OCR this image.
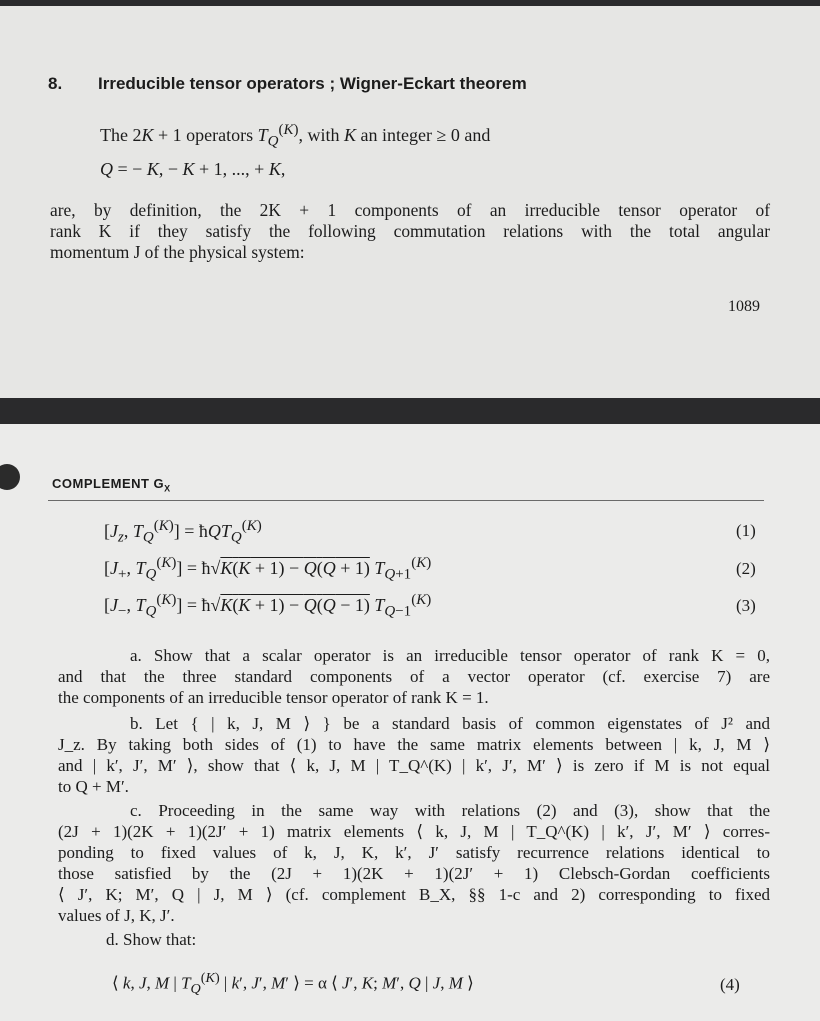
8. Irreducible tensor operators ; Wigner-Eckart theorem
The 2K + 1 operators $T_Q^{(K)}$, with K an integer ≥ 0 and
Q = − K, − K + 1, ..., + K,
are, by definition, the 2K + 1 components of an irreducible tensor operator of
rank K if they satisfy the following commutation relations with the total angular
momentum J of the physical system:
1089
COMPLEMENT $G_X$
[$J_z$, $T_Q^{(K)}$] = ħQT$_Q^{(K)}$	(1)
[$J_+$, $T_Q^{(K)}$] = ħ√K(K + 1) − Q(Q + 1) $T_{Q+1}^{(K)}$	(2)
[$J_-$, $T_Q^{(K)}$] = ħ√K(K + 1) − Q(Q − 1) $T_{Q-1}^{(K)}$	(3)
a. Show that a scalar operator is an irreducible tensor operator of rank K = 0,
and that the three standard components of a vector operator (cf. exercise 7) are
the components of an irreducible tensor operator of rank K = 1.
b. Let { | k, J, M ⟩ } be a standard basis of common eigenstates of J² and
J_z. By taking both sides of (1) to have the same matrix elements between | k, J, M ⟩
and | k′, J′, M′ ⟩, show that ⟨ k, J, M | T_Q^(K) | k′, J′, M′ ⟩ is zero if M is not equal
to Q + M′.
c. Proceeding in the same way with relations (2) and (3), show that the
(2J + 1)(2K + 1)(2J′ + 1) matrix elements ⟨ k, J, M | T_Q^(K) | k′, J′, M′ ⟩ corres-
ponding to fixed values of k, J, K, k′, J′ satisfy recurrence relations identical to
those satisfied by the (2J + 1)(2K + 1)(2J′ + 1) Clebsch-Gordan coefficients
⟨ J′, K; M′, Q | J, M ⟩ (cf. complement B_X, §§ 1-c and 2) corresponding to fixed
values of J, K, J′.
d. Show that:
⟨ k, J, M | $T_Q^{(K)}$ | k′, J′, M′ ⟩ = α ⟨ J′, K; M′, Q | J, M ⟩	(4)
